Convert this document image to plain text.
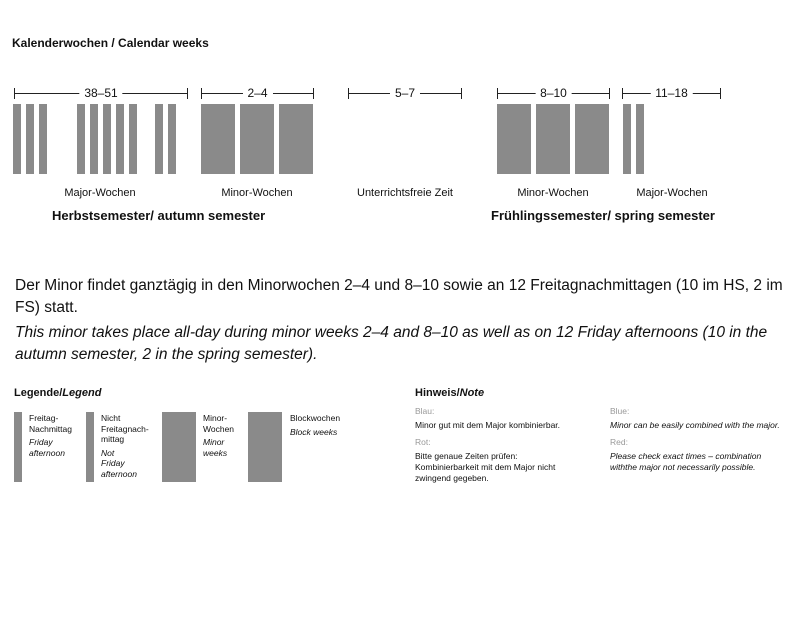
Kalenderwochen / Calendar weeks
38–51	2–4	5–7	8–10	11–18
Major-Wochen	Minor-Wochen	Unterrichtsfreie Zeit	Minor-Wochen	Major-Wochen
Herbstsemester/ autumn semester	Frühlingssemester/ spring semester
Der Minor findet ganztägig in den Minorwochen 2–4 und 8–10 sowie an 12 Freitagnachmittagen (10 im HS, 2 im FS) statt.
This minor takes place all-day during minor weeks 2–4 and 8–10 as well as on 12 Friday afternoons (10 in the autumn semester, 2 in the spring semester).
Legende/Legend
Freitag-
Nachmittag
Friday
afternoon
Nicht
Freitagnach-
mittag
Not
Friday
afternoon
Minor-
Wochen
Minor
weeks
Blockwochen
Block weeks
Hinweis/Note
Blau:
Minor gut mit dem Major kombinierbar.
Rot:
Bitte genaue Zeiten prüfen: Kombinierbarkeit mit dem Major nicht zwingend gegeben.
Blue:
Minor can be easily combined with the major.
Red:
Please check exact times – combination withthe major not necessarily possible.
